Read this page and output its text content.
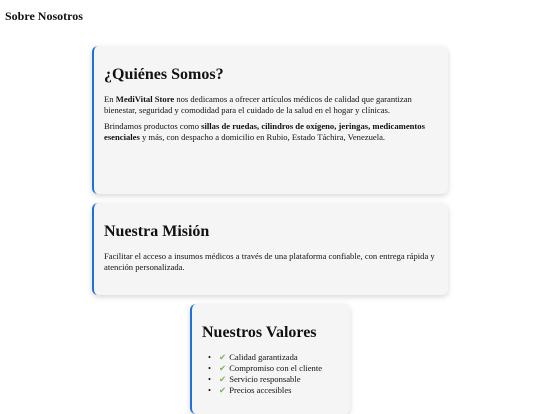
Sobre Nosotros
¿Quiénes Somos?

En MediVital Store nos dedicamos a ofrecer artículos médicos de calidad que garantizan bienestar, seguridad y comodidad para el cuidado de la salud en el hogar y clínicas.

Brindamos productos como sillas de ruedas, cilindros de oxígeno, jeringas, medicamentos esenciales y más, con despacho a domicilio en Rubio, Estado Táchira, Venezuela.

Nuestra Misión

Facilitar el acceso a insumos médicos a través de una plataforma confiable, con entrega rápida y atención personalizada.

Nuestros Valores
• ✔ Calidad garantizada
• ✔ Compromiso con el cliente
• ✔ Servicio responsable
• ✔ Precios accesibles
